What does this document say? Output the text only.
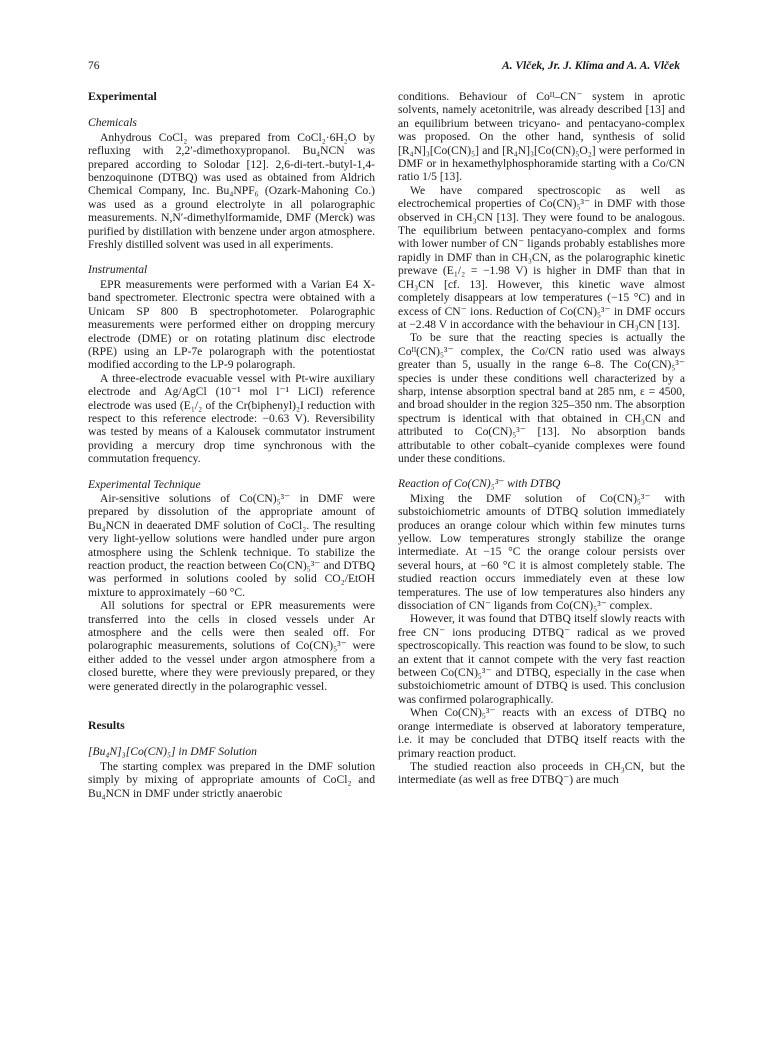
76	A. Vlček, Jr. J. Klíma and A. A. Vlček
Experimental
Chemicals

Anhydrous CoCl₂ was prepared from CoCl₂·6H₂O by refluxing with 2,2′-dimethoxypropanol. Bu₄NCN was prepared according to Solodar [12]. 2,6-di-tert.-butyl-1,4-benzoquinone (DTBQ) was used as obtained from Aldrich Chemical Company, Inc. Bu₄NPF₆ (Ozark-Mahoning Co.) was used as a ground electrolyte in all polarographic measurements. N,N′-dimethylformamide, DMF (Merck) was purified by distillation with benzene under argon atmosphere. Freshly distilled solvent was used in all experiments.

Instrumental

EPR measurements were performed with a Varian E4 X-band spectrometer. Electronic spectra were obtained with a Unicam SP 800 B spectrophotometer. Polarographic measurements were performed either on dropping mercury electrode (DME) or on rotating platinum disc electrode (RPE) using an LP-7e polarograph with the potentiostat modified according to the LP-9 polarograph.

A three-electrode evacuable vessel with Pt-wire auxiliary electrode and Ag/AgCl (10⁻¹ mol l⁻¹ LiCl) reference electrode was used (E₁/₂ of the Cr(biphenyl)₂I reduction with respect to this reference electrode: −0.63 V). Reversibility was tested by means of a Kalousek commutator instrument providing a mercury drop time synchronous with the commutation frequency.

Experimental Technique

Air-sensitive solutions of Co(CN)₅³⁻ in DMF were prepared by dissolution of the appropriate amount of Bu₄NCN in deaerated DMF solution of CoCl₂. The resulting very light-yellow solutions were handled under pure argon atmosphere using the Schlenk technique. To stabilize the reaction product, the reaction between Co(CN)₅³⁻ and DTBQ was performed in solutions cooled by solid CO₂/EtOH mixture to approximately −60 °C.

All solutions for spectral or EPR measurements were transferred into the cells in closed vessels under Ar atmosphere and the cells were then sealed off. For polarographic measurements, solutions of Co(CN)₅³⁻ were either added to the vessel under argon atmosphere from a closed burette, where they were previously prepared, or they were generated directly in the polarographic vessel.

Results
[Bu₄N]₃[Co(CN)₅] in DMF Solution

The starting complex was prepared in the DMF solution simply by mixing of appropriate amounts of CoCl₂ and Bu₄NCN in DMF under strictly anaerobic

conditions. Behaviour of Coᴵᴵ–CN⁻ system in aprotic solvents, namely acetonitrile, was already described [13] and an equilibrium between tricyano- and pentacyano-complex was proposed. On the other hand, synthesis of solid [R₄N]₃[Co(CN)₅] and [R₄N]₃[Co(CN)₅O₂] were performed in DMF or in hexamethylphosphoramide starting with a Co/CN ratio 1/5 [13].

We have compared spectroscopic as well as electrochemical properties of Co(CN)₅³⁻ in DMF with those observed in CH₃CN [13]. They were found to be analogous. The equilibrium between pentacyano-complex and forms with lower number of CN⁻ ligands probably establishes more rapidly in DMF than in CH₃CN, as the polarographic kinetic prewave (E₁/₂ = −1.98 V) is higher in DMF than that in CH₃CN [cf. 13]. However, this kinetic wave almost completely disappears at low temperatures (−15 °C) and in excess of CN⁻ ions. Reduction of Co(CN)₅³⁻ in DMF occurs at −2.48 V in accordance with the behaviour in CH₃CN [13].

To be sure that the reacting species is actually the Coᴵᴵ(CN)₅³⁻ complex, the Co/CN ratio used was always greater than 5, usually in the range 6–8. The Co(CN)₅³⁻ species is under these conditions well characterized by a sharp, intense absorption spectral band at 285 nm, ε = 4500, and broad shoulder in the region 325–350 nm. The absorption spectrum is identical with that obtained in CH₃CN and attributed to Co(CN)₅³⁻ [13]. No absorption bands attributable to other cobalt–cyanide complexes were found under these conditions.

Reaction of Co(CN)₅³⁻ with DTBQ

Mixing the DMF solution of Co(CN)₅³⁻ with substoichiometric amounts of DTBQ solution immediately produces an orange colour which within few minutes turns yellow. Low temperatures strongly stabilize the orange intermediate. At −15 °C the orange colour persists over several hours, at −60 °C it is almost completely stable. The studied reaction occurs immediately even at these low temperatures. The use of low temperatures also hinders any dissociation of CN⁻ ligands from Co(CN)₅³⁻ complex.

However, it was found that DTBQ itself slowly reacts with free CN⁻ ions producing DTBQ⁻ radical as we proved spectroscopically. This reaction was found to be slow, to such an extent that it cannot compete with the very fast reaction between Co(CN)₅³⁻ and DTBQ, especially in the case when substoichiometric amount of DTBQ is used. This conclusion was confirmed polarographically.

When Co(CN)₅³⁻ reacts with an excess of DTBQ no orange intermediate is observed at laboratory temperature, i.e. it may be concluded that DTBQ itself reacts with the primary reaction product.

The studied reaction also proceeds in CH₃CN, but the intermediate (as well as free DTBQ⁻) are much
